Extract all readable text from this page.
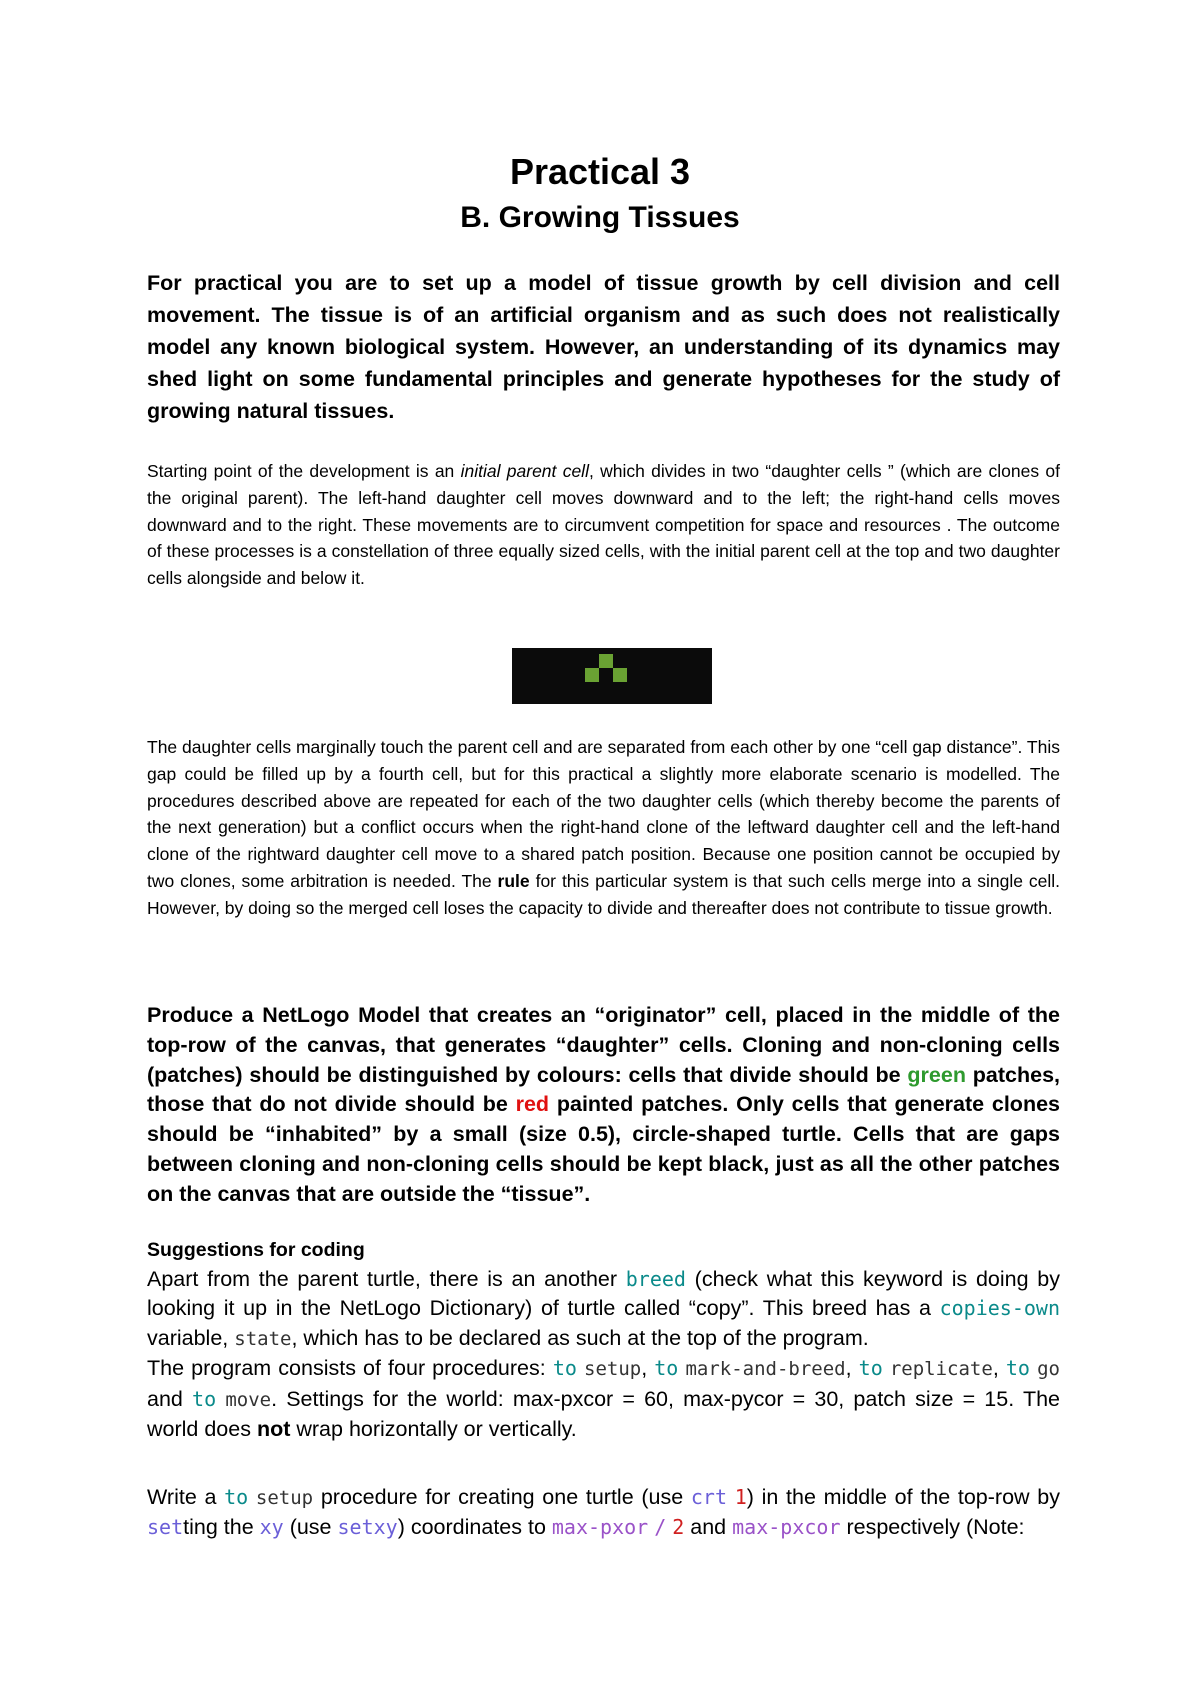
Practical 3
B. Growing Tissues

For practical you are to set up a model of tissue growth by cell division and cell movement. The tissue is of an artificial organism and as such does not realistically model any known biological system. However, an understanding of its dynamics may shed light on some fundamental principles and generate hypotheses for the study of growing natural tissues.

Starting point of the development is an initial parent cell, which divides in two “daughter cells ” (which are clones of the original parent). The left-hand daughter cell moves downward and to the left; the right-hand cells moves downward and to the right. These movements are to circumvent competition for space and resources . The outcome of these processes is a constellation of three equally sized cells, with the initial parent cell at the top and two daughter cells alongside and below it.

The daughter cells marginally touch the parent cell and are separated from each other by one “cell gap distance”. This gap could be filled up by a fourth cell, but for this practical a slightly more elaborate scenario is modelled. The procedures described above are repeated for each of the two daughter cells (which thereby become the parents of the next generation) but a conflict occurs when the right-hand clone of the leftward daughter cell and the left-hand clone of the rightward daughter cell move to a shared patch position. Because one position cannot be occupied by two clones, some arbitration is needed. The rule for this particular system is that such cells merge into a single cell. However, by doing so the merged cell loses the capacity to divide and thereafter does not contribute to tissue growth.

Produce a NetLogo Model that creates an “originator” cell, placed in the middle of the top-row of the canvas, that generates “daughter” cells. Cloning and non-cloning cells (patches) should be distinguished by colours: cells that divide should be green patches, those that do not divide should be red painted patches. Only cells that generate clones should be “inhabited” by a small (size 0.5), circle-shaped turtle. Cells that are gaps between cloning and non-cloning cells should be kept black, just as all the other patches on the canvas that are outside the “tissue”.

Suggestions for coding

Apart from the parent turtle, there is an another breed (check what this keyword is doing by looking it up in the NetLogo Dictionary) of turtle called “copy”. This breed has a copies-own variable, state, which has to be declared as such at the top of the program.
The program consists of four procedures: to setup, to mark-and-breed, to replicate, to go and to move. Settings for the world: max-pxcor = 60, max-pycor = 30, patch size = 15. The world does not wrap horizontally or vertically.

Write a to setup procedure for creating one turtle (use crt 1) in the middle of the top-row by setting the xy (use setxy) coordinates to max-pxor / 2 and max-pxcor respectively (Note:
